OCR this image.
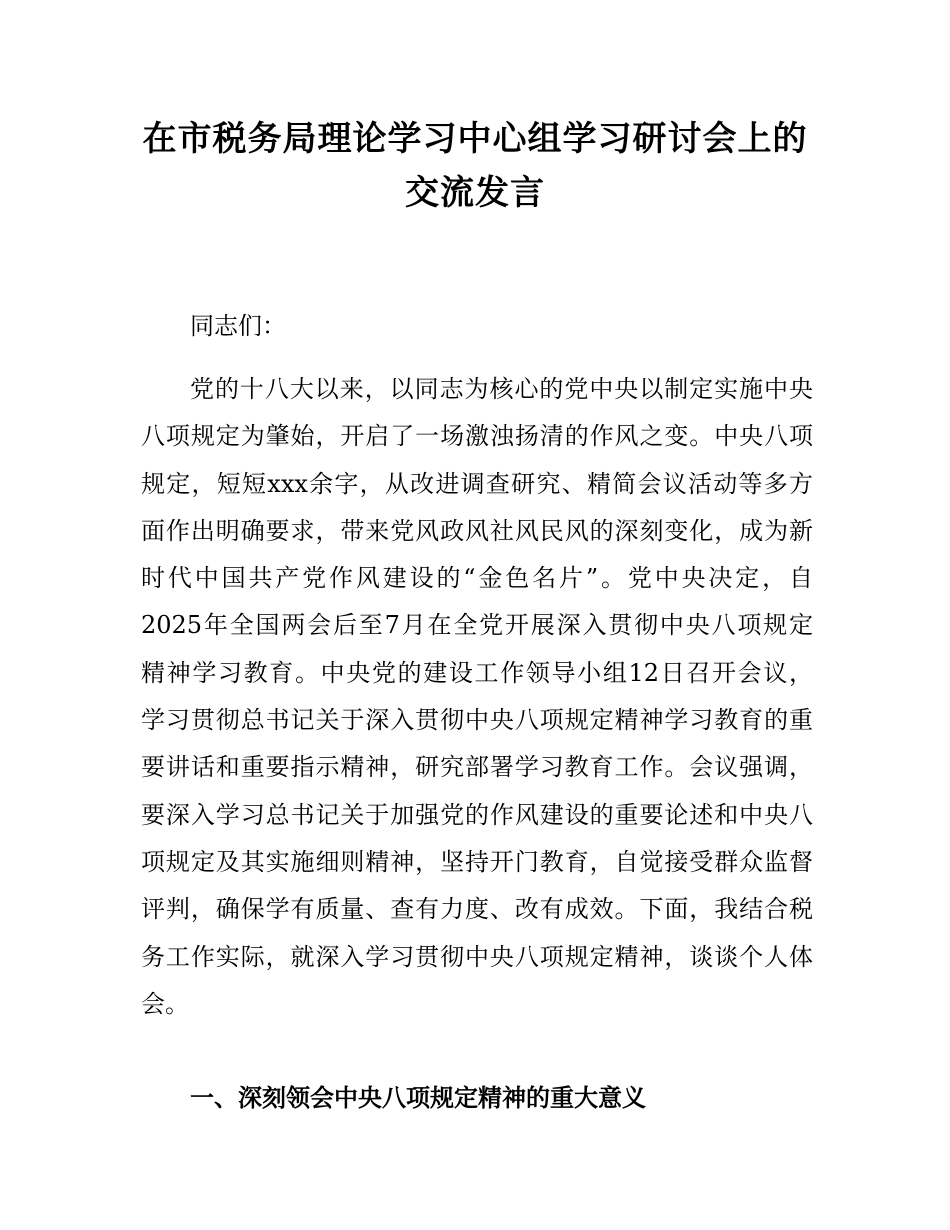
在市税务局理论学习中心组学习研讨会上的
交流发言

同志们：

党的十八大以来，以同志为核心的党中央以制定实施中央
八项规定为肇始，开启了一场激浊扬清的作风之变。中央八项
规定，短短xxx余字，从改进调查研究、精简会议活动等多方
面作出明确要求，带来党风政风社风民风的深刻变化，成为新
时代中国共产党作风建设的“金色名片”。党中央决定，自
2025年全国两会后至7月在全党开展深入贯彻中央八项规定
精神学习教育。中央党的建设工作领导小组12日召开会议，
学习贯彻总书记关于深入贯彻中央八项规定精神学习教育的重
要讲话和重要指示精神，研究部署学习教育工作。会议强调，
要深入学习总书记关于加强党的作风建设的重要论述和中央八
项规定及其实施细则精神，坚持开门教育，自觉接受群众监督
评判，确保学有质量、查有力度、改有成效。下面，我结合税
务工作实际，就深入学习贯彻中央八项规定精神，谈谈个人体
会。
一、深刻领会中央八项规定精神的重大意义
